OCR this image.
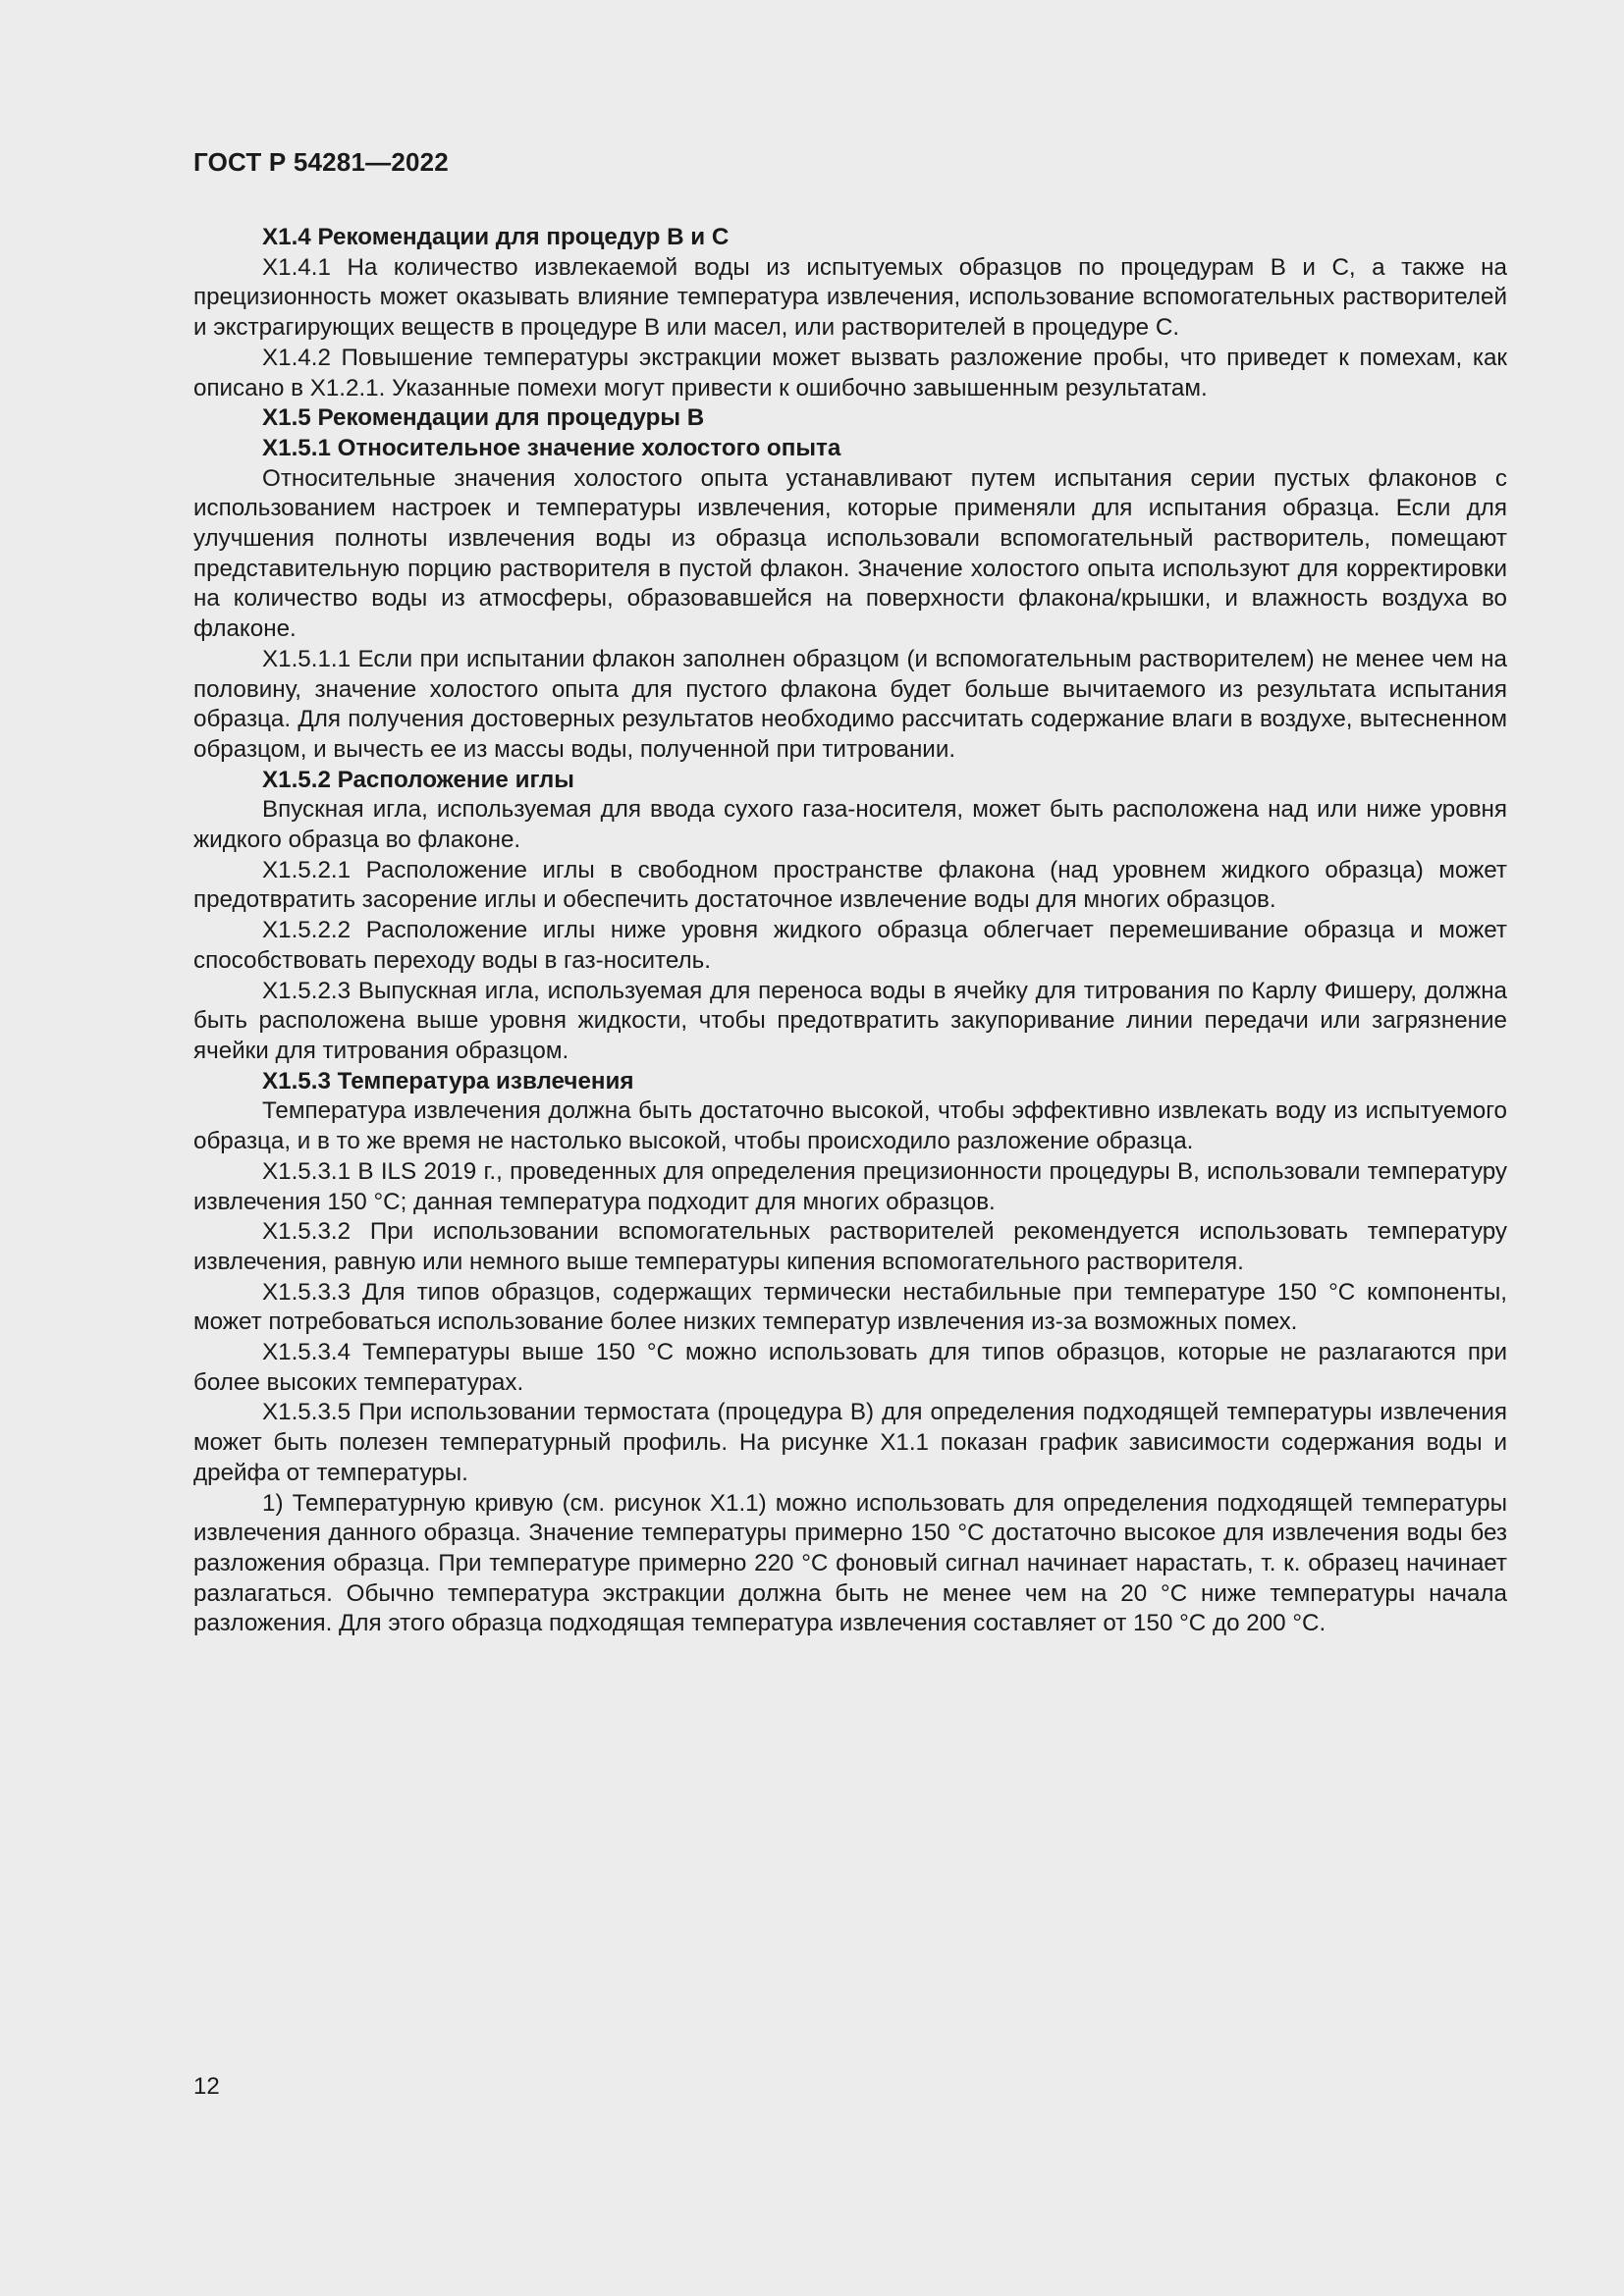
ГОСТ Р 54281—2022

Х1.4 Рекомендации для процедур В и С

Х1.4.1 На количество извлекаемой воды из испытуемых образцов по процедурам В и С, а также на прецизионность может оказывать влияние температура извлечения, использование вспомогательных растворителей и экстрагирующих веществ в процедуре В или масел, или растворителей в процедуре С.

Х1.4.2 Повышение температуры экстракции может вызвать разложение пробы, что приведет к помехам, как описано в Х1.2.1. Указанные помехи могут привести к ошибочно завышенным результатам.

Х1.5 Рекомендации для процедуры В

Х1.5.1 Относительное значение холостого опыта

Относительные значения холостого опыта устанавливают путем испытания серии пустых флаконов с использованием настроек и температуры извлечения, которые применяли для испытания образца. Если для улучшения полноты извлечения воды из образца использовали вспомогательный растворитель, помещают представительную порцию растворителя в пустой флакон. Значение холостого опыта используют для корректировки на количество воды из атмосферы, образовавшейся на поверхности флакона/крышки, и влажность воздуха во флаконе.

Х1.5.1.1 Если при испытании флакон заполнен образцом (и вспомогательным растворителем) не менее чем на половину, значение холостого опыта для пустого флакона будет больше вычитаемого из результата испытания образца. Для получения достоверных результатов необходимо рассчитать содержание влаги в воздухе, вытесненном образцом, и вычесть ее из массы воды, полученной при титровании.

Х1.5.2 Расположение иглы

Впускная игла, используемая для ввода сухого газа-носителя, может быть расположена над или ниже уровня жидкого образца во флаконе.

Х1.5.2.1 Расположение иглы в свободном пространстве флакона (над уровнем жидкого образца) может предотвратить засорение иглы и обеспечить достаточное извлечение воды для многих образцов.

Х1.5.2.2 Расположение иглы ниже уровня жидкого образца облегчает перемешивание образца и может способствовать переходу воды в газ-носитель.

Х1.5.2.3 Выпускная игла, используемая для переноса воды в ячейку для титрования по Карлу Фишеру, должна быть расположена выше уровня жидкости, чтобы предотвратить закупоривание линии передачи или загрязнение ячейки для титрования образцом.

Х1.5.3 Температура извлечения

Температура извлечения должна быть достаточно высокой, чтобы эффективно извлекать воду из испытуемого образца, и в то же время не настолько высокой, чтобы происходило разложение образца.

Х1.5.3.1 В ILS 2019 г., проведенных для определения прецизионности процедуры В, использовали температуру извлечения 150 °С; данная температура подходит для многих образцов.

Х1.5.3.2 При использовании вспомогательных растворителей рекомендуется использовать температуру извлечения, равную или немного выше температуры кипения вспомогательного растворителя.

Х1.5.3.3 Для типов образцов, содержащих термически нестабильные при температуре 150 °С компоненты, может потребоваться использование более низких температур извлечения из-за возможных помех.

Х1.5.3.4 Температуры выше 150 °С можно использовать для типов образцов, которые не разлагаются при более высоких температурах.

Х1.5.3.5 При использовании термостата (процедура В) для определения подходящей температуры извлечения может быть полезен температурный профиль. На рисунке Х1.1 показан график зависимости содержания воды и дрейфа от температуры.

1) Температурную кривую (см. рисунок Х1.1) можно использовать для определения подходящей температуры извлечения данного образца. Значение температуры примерно 150 °С достаточно высокое для извлечения воды без разложения образца. При температуре примерно 220 °С фоновый сигнал начинает нарастать, т. к. образец начинает разлагаться. Обычно температура экстракции должна быть не менее чем на 20 °С ниже температуры начала разложения. Для этого образца подходящая температура извлечения составляет от 150 °С до 200 °С.

12
